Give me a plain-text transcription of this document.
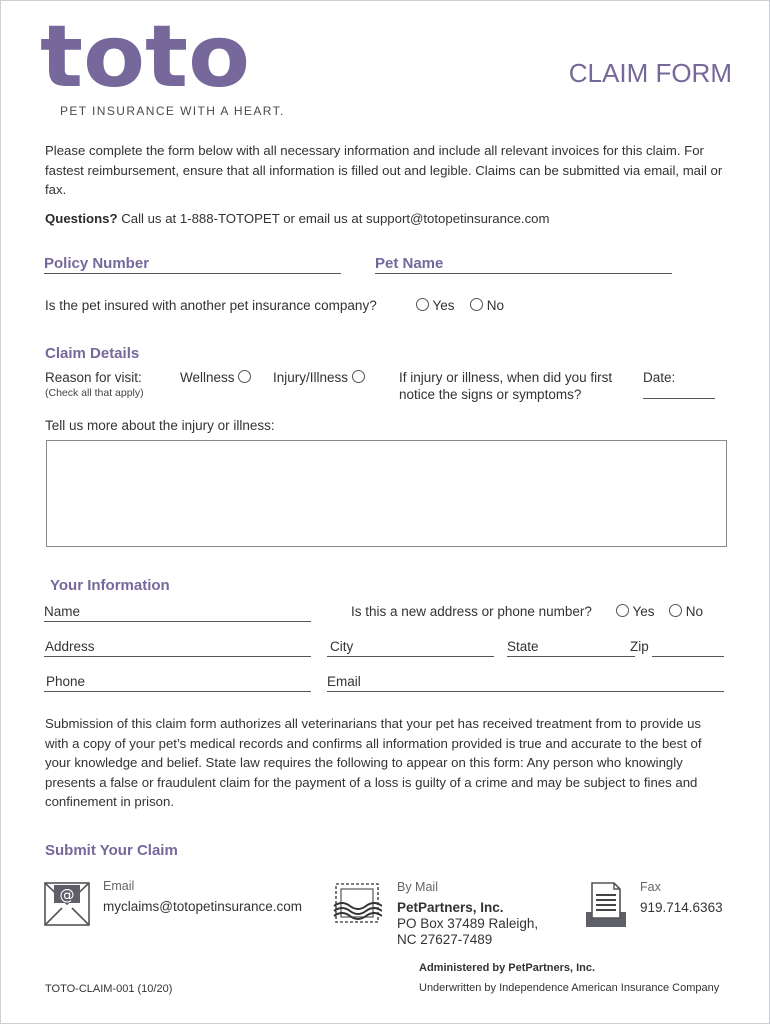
toto
PET INSURANCE WITH A HEART.
CLAIM FORM
Please complete the form below with all necessary information and include all relevant invoices for this claim. For fastest reimbursement, ensure that all information is filled out and legible. Claims can be submitted via email, mail or fax.
Questions? Call us at 1-888-TOTOPET or email us at support@totopetinsurance.com
Policy Number	Pet Name
Is the pet insured with another pet insurance company?	Yes	No
Claim Details
Reason for visit:
(Check all that apply)
Wellness	Injury/Illness	If injury or illness, when did you first
notice the signs or symptoms?
Date:
Tell us more about the injury or illness:
Your Information
Name	Is this a new address or phone number?	Yes	No
Address	City	State	Zip
Phone	Email
Submission of this claim form authorizes all veterinarians that your pet has received treatment from to provide us with a copy of your pet’s medical records and confirms all information provided is true and accurate to the best of your knowledge and belief. State law requires the following to appear on this form: Any person who knowingly presents a false or fraudulent claim for the payment of a loss is guilty of a crime and may be subject to fines and confinement in prison.
Submit Your Claim
@ Email
myclaims@totopetinsurance.com
By Mail
PetPartners, Inc.
PO Box 37489 Raleigh,
NC 27627-7489
Fax
919.714.6363
Administered by PetPartners, Inc.
TOTO-CLAIM-001 (10/20)	Underwritten by Independence American Insurance Company
